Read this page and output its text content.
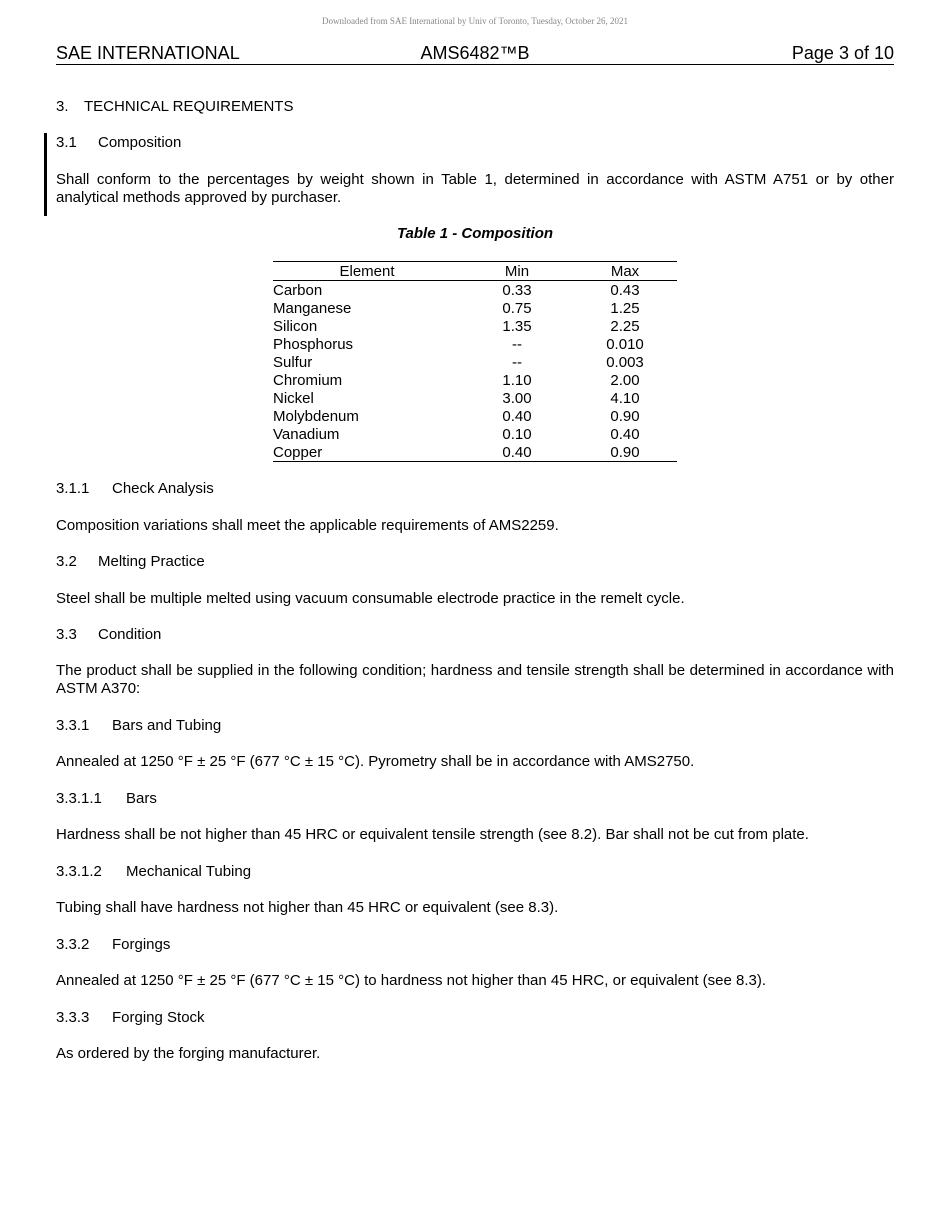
Downloaded from SAE International by Univ of Toronto, Tuesday, October 26, 2021
SAE INTERNATIONAL	AMS6482™B	Page 3 of 10
3. TECHNICAL REQUIREMENTS
3.1 Composition
Shall conform to the percentages by weight shown in Table 1, determined in accordance with ASTM A751 or by other analytical methods approved by purchaser.
Table 1 - Composition
Element	Min	Max
Carbon	0.33	0.43
Manganese	0.75	1.25
Silicon	1.35	2.25
Phosphorus	--	0.010
Sulfur	--	0.003
Chromium	1.10	2.00
Nickel	3.00	4.10
Molybdenum	0.40	0.90
Vanadium	0.10	0.40
Copper	0.40	0.90
3.1.1 Check Analysis
Composition variations shall meet the applicable requirements of AMS2259.
3.2 Melting Practice
Steel shall be multiple melted using vacuum consumable electrode practice in the remelt cycle.
3.3 Condition
The product shall be supplied in the following condition; hardness and tensile strength shall be determined in accordance with ASTM A370:
3.3.1 Bars and Tubing
Annealed at 1250 °F ± 25 °F (677 °C ± 15 °C). Pyrometry shall be in accordance with AMS2750.
3.3.1.1 Bars
Hardness shall be not higher than 45 HRC or equivalent tensile strength (see 8.2). Bar shall not be cut from plate.
3.3.1.2 Mechanical Tubing
Tubing shall have hardness not higher than 45 HRC or equivalent (see 8.3).
3.3.2 Forgings
Annealed at 1250 °F ± 25 °F (677 °C ± 15 °C) to hardness not higher than 45 HRC, or equivalent (see 8.3).
3.3.3 Forging Stock
As ordered by the forging manufacturer.
